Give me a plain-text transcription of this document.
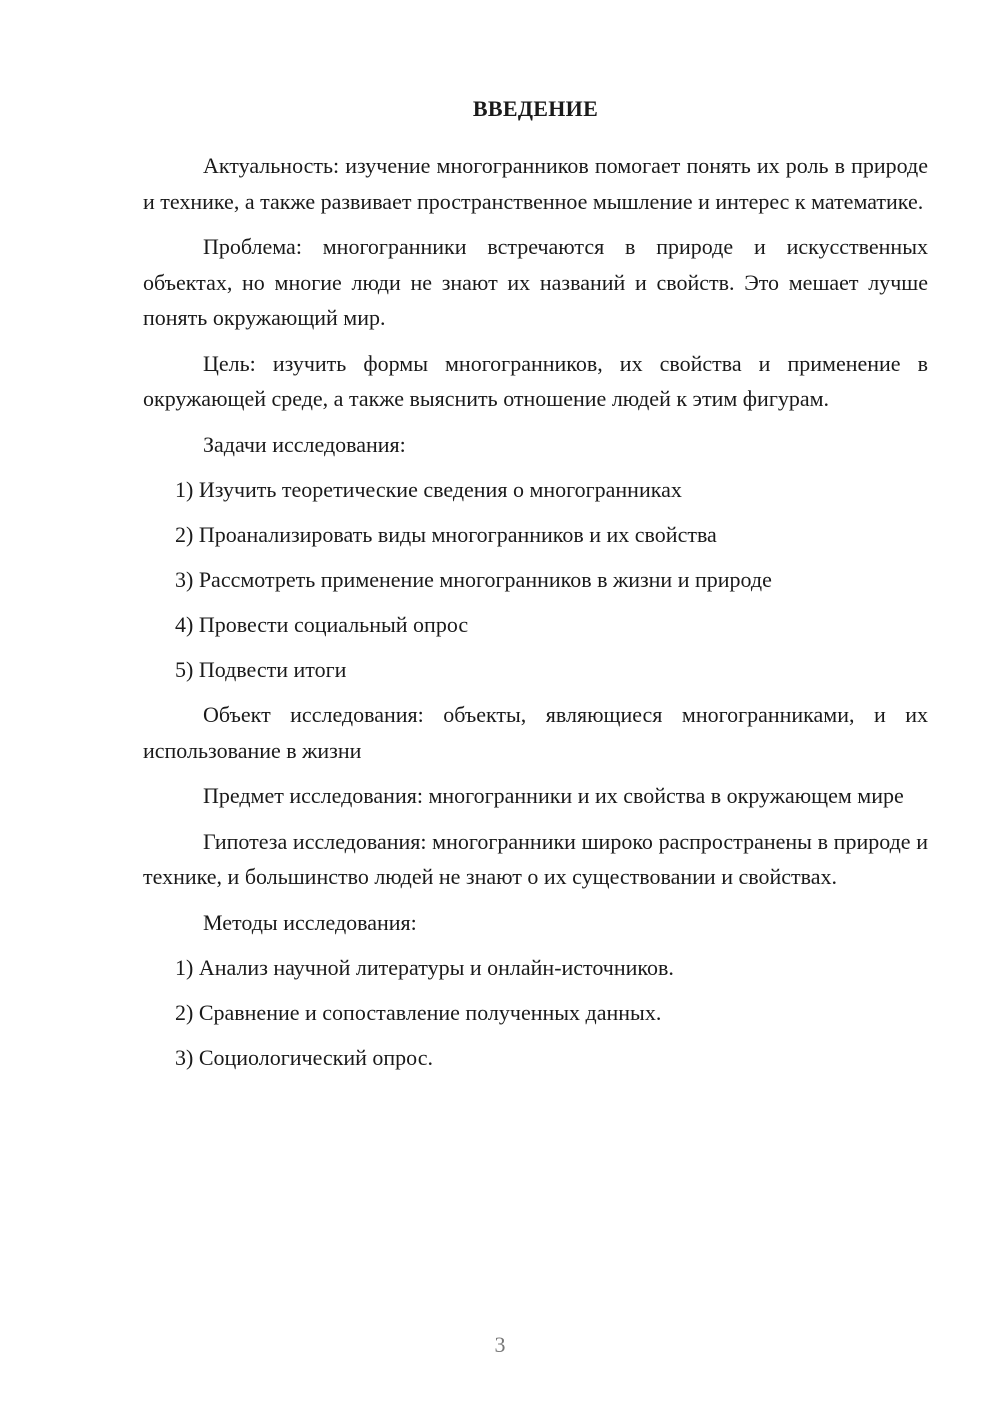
ВВЕДЕНИЕ

Актуальность: изучение многогранников помогает понять их роль в природе и технике, а также развивает пространственное мышление и интерес к математике.

Проблема: многогранники встречаются в природе и искусственных объектах, но многие люди не знают их названий и свойств. Это мешает лучше понять окружающий мир.

Цель: изучить формы многогранников, их свойства и применение в окружающей среде, а также выяснить отношение людей к этим фигурам.

Задачи исследования:

1) Изучить теоретические сведения о многогранниках
2) Проанализировать виды многогранников и их свойства
3) Рассмотреть применение многогранников в жизни и природе
4) Провести социальный опрос
5) Подвести итоги

Объект исследования: объекты, являющиеся многогранниками, и их использование в жизни

Предмет исследования: многогранники и их свойства в окружающем мире

Гипотеза исследования: многогранники широко распространены в природе и технике, и большинство людей не знают о их существовании и свойствах.

Методы исследования:

1) Анализ научной литературы и онлайн-источников.
2) Сравнение и сопоставление полученных данных.
3) Социологический опрос.
3
